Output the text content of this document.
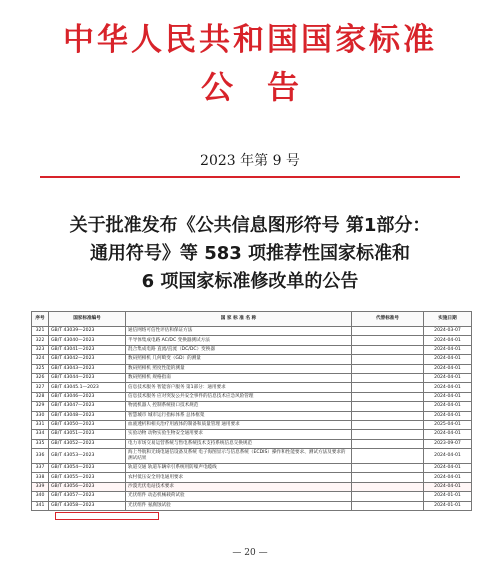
中华人民共和国国家标准
公告
2023 年第 9 号
关于批准发布《公共信息图形符号 第1部分：
通用符号》等 583 项推荐性国家标准和
6 项国家标准修改单的公告
序号	国家标准编号	国 家 标 准 名 称	代替标准号	实施日期
321	GB/T 43039—2023	通信网络可信性评估和保证方法		2024-03-07
322	GB/T 43040—2023	半导体集成电路 AC/DC 变换器测试方法		2024-04-01
323	GB/T 43041—2023	混合集成电路 直流/直流（DC/DC）变换器		2024-04-01
324	GB/T 43042—2023	数码照相机 几何畸变（GD）的测量		2024-04-01
325	GB/T 43043—2023	数码照相机 照度性能的测量		2024-04-01
326	GB/T 43044—2023	数码照相机 规格指南		2024-04-01
327	GB/T 43045.1—2023	信息技术服务 智能客户服务 第1部分：通用要求		2024-04-01
328	GB/T 43046—2023	信息技术服务 应对突发公共安全事件的信息技术应急风险管理		2024-04-01
329	GB/T 43047—2023	物流机器人 控制系统接口技术规范		2024-04-01
330	GB/T 43048—2023	智慧城市 城市运行指标体系 总体框架		2024-04-01
331	GB/T 43050—2023	血液透析和相关治疗用液体的制备和质量管理 通用要求		2025-04-01
334	GB/T 43051—2023	实验动物 动物实验生物安全通用要求		2024-04-01
335	GB/T 43052—2023	电力市场交易运营系统与售电系统技术支持系统信息交换规范		2023-09-07
336	GB/T 43053—2023	海上导航和无线电通信设备及系统 电子海图显示与信息系统（ECDIS）操作和性能要求、测试方法及要求的测试结果		2024-04-01
337	GB/T 43054—2023	轨道交通 轨道车辆牵引系统用防噪声电缆线		2024-04-01
338	GB/T 43055—2023	农村低压安全用电通用要求		2024-04-01
339	GB/T 43056—2023	沙漠光伏电站技术要求		2024-04-01
340	GB/T 43057—2023	光伏组件 动态机械载荷试验		2024-01-01
341	GB/T 43058—2023	光伏组件 氨腐蚀试验		2024-01-01
— 20 —
